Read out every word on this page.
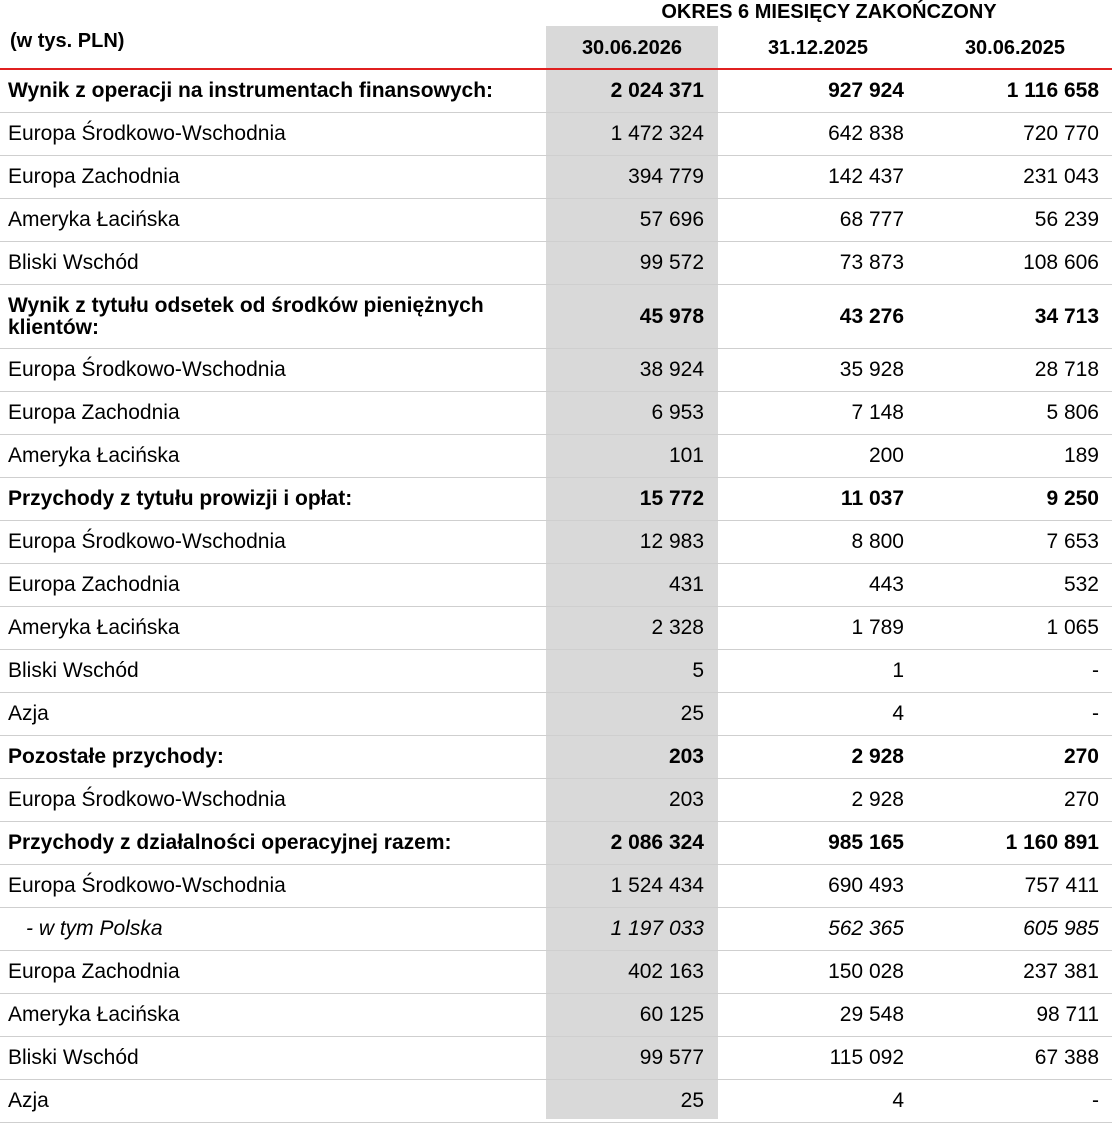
OKRES 6 MIESIĘCY ZAKOŃCZONY
(w tys. PLN)	30.06.2026	31.12.2025	30.06.2025
Wynik z operacji na instrumentach finansowych:	2 024 371	927 924	1 116 658
Europa Środkowo-Wschodnia	1 472 324	642 838	720 770
Europa Zachodnia	394 779	142 437	231 043
Ameryka Łacińska	57 696	68 777	56 239
Bliski Wschód	99 572	73 873	108 606
Wynik z tytułu odsetek od środków pieniężnych klientów:	45 978	43 276	34 713
Europa Środkowo-Wschodnia	38 924	35 928	28 718
Europa Zachodnia	6 953	7 148	5 806
Ameryka Łacińska	101	200	189
Przychody z tytułu prowizji i opłat:	15 772	11 037	9 250
Europa Środkowo-Wschodnia	12 983	8 800	7 653
Europa Zachodnia	431	443	532
Ameryka Łacińska	2 328	1 789	1 065
Bliski Wschód	5	1	-
Azja	25	4	-
Pozostałe przychody:	203	2 928	270
Europa Środkowo-Wschodnia	203	2 928	270
Przychody z działalności operacyjnej razem:	2 086 324	985 165	1 160 891
Europa Środkowo-Wschodnia	1 524 434	690 493	757 411
- w tym Polska	1 197 033	562 365	605 985
Europa Zachodnia	402 163	150 028	237 381
Ameryka Łacińska	60 125	29 548	98 711
Bliski Wschód	99 577	115 092	67 388
Azja	25	4	-
